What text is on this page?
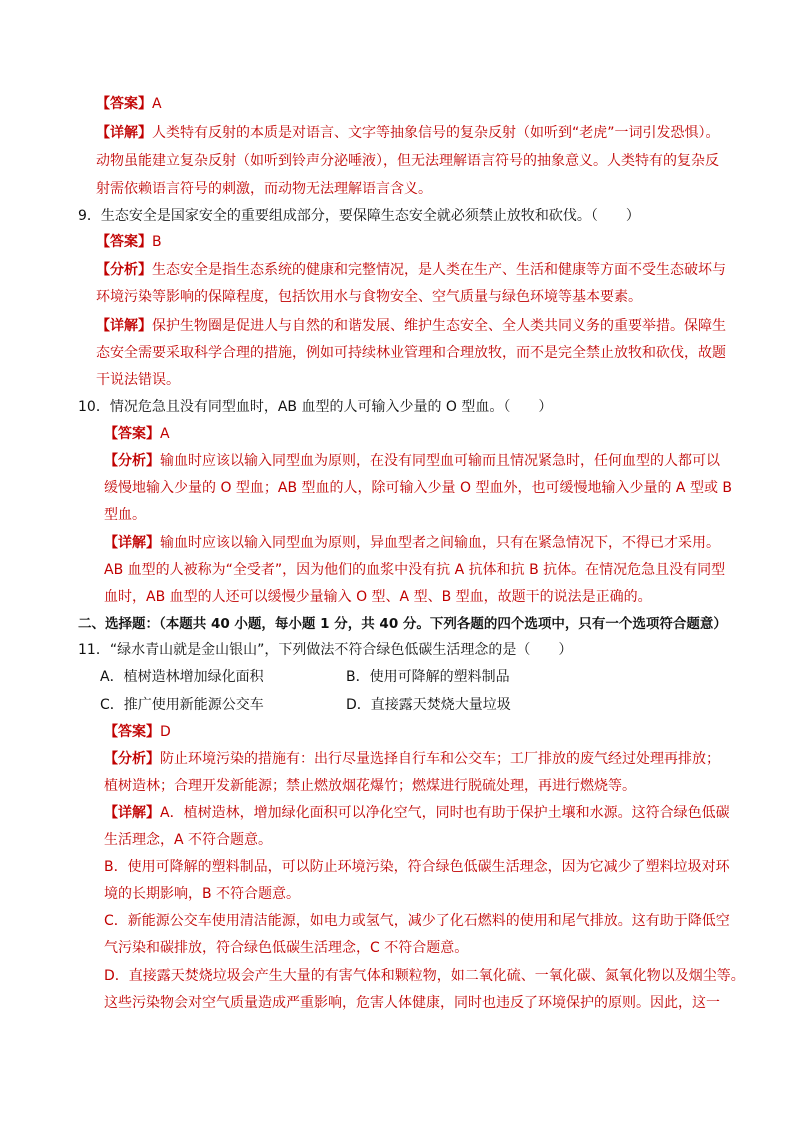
【答案】A
【详解】人类特有反射的本质是对语言、文字等抽象信号的复杂反射（如听到“老虎”一词引发恐惧）。
动物虽能建立复杂反射（如听到铃声分泌唾液），但无法理解语言符号的抽象意义。人类特有的复杂反
射需依赖语言符号的刺激，而动物无法理解语言含义。
9．生态安全是国家安全的重要组成部分，要保障生态安全就必须禁止放牧和砍伐。（　　）
【答案】B
【分析】生态安全是指生态系统的健康和完整情况，是人类在生产、生活和健康等方面不受生态破坏与
环境污染等影响的保障程度，包括饮用水与食物安全、空气质量与绿色环境等基本要素。
【详解】保护生物圈是促进人与自然的和谐发展、维护生态安全、全人类共同义务的重要举措。保障生
态安全需要采取科学合理的措施，例如可持续林业管理和合理放牧，而不是完全禁止放牧和砍伐，故题
干说法错误。
10．情况危急且没有同型血时，AB 血型的人可输入少量的 O 型血。（　　）
【答案】A
【分析】输血时应该以输入同型血为原则，在没有同型血可输而且情况紧急时，任何血型的人都可以
缓慢地输入少量的 O 型血；AB 型血的人，除可输入少量 O 型血外，也可缓慢地输入少量的 A 型或 B
型血。
【详解】输血时应该以输入同型血为原则，异血型者之间输血，只有在紧急情况下，不得已才采用。
AB 血型的人被称为“全受者”，因为他们的血浆中没有抗 A 抗体和抗 B 抗体。在情况危急且没有同型
血时，AB 血型的人还可以缓慢少量输入 O 型、A 型、B 型血，故题干的说法是正确的。
二、选择题：（本题共 40 小题，每小题 1 分，共 40 分。下列各题的四个选项中，只有一个选项符合题意）
11．“绿水青山就是金山银山”，下列做法不符合绿色低碳生活理念的是（　　）
A．植树造林增加绿化面积	B．使用可降解的塑料制品
C．推广使用新能源公交车	D．直接露天焚烧大量垃圾
【答案】D
【分析】防止环境污染的措施有：出行尽量选择自行车和公交车；工厂排放的废气经过处理再排放；
植树造林；合理开发新能源；禁止燃放烟花爆竹；燃煤进行脱硫处理，再进行燃烧等。
【详解】A．植树造林，增加绿化面积可以净化空气，同时也有助于保护土壤和水源。这符合绿色低碳
生活理念，A 不符合题意。
B．使用可降解的塑料制品，可以防止环境污染，符合绿色低碳生活理念，因为它减少了塑料垃圾对环
境的长期影响，B 不符合题意。
C．新能源公交车使用清洁能源，如电力或氢气，减少了化石燃料的使用和尾气排放。这有助于降低空
气污染和碳排放，符合绿色低碳生活理念，C 不符合题意。
D．直接露天焚烧垃圾会产生大量的有害气体和颗粒物，如二氧化硫、一氧化碳、氮氧化物以及烟尘等。
这些污染物会对空气质量造成严重影响，危害人体健康，同时也违反了环境保护的原则。因此，这一
